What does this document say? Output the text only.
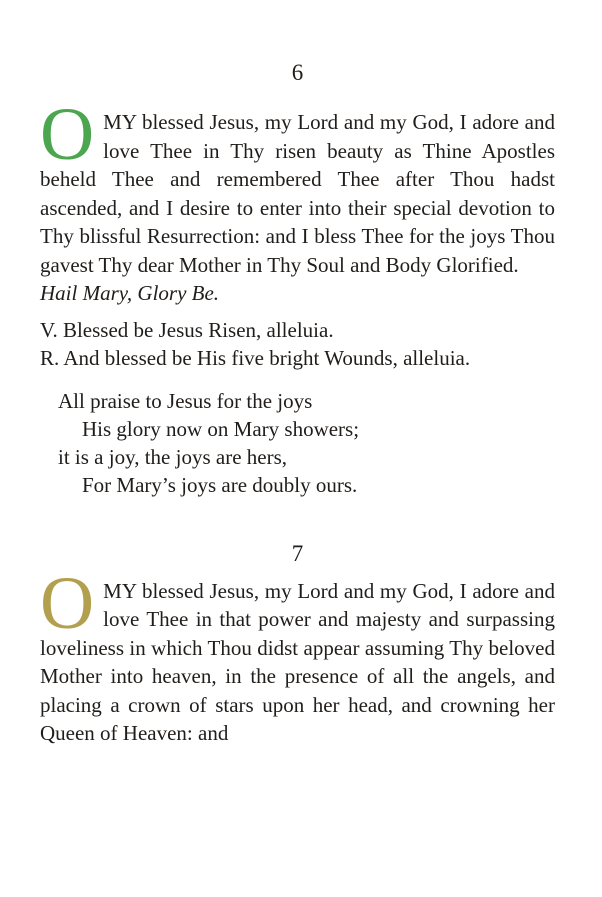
6

OMY blessed Jesus, my Lord and my God, I adore and love Thee in Thy risen beauty as Thine Apostles beheld Thee and remembered Thee after Thou hadst ascended, and I desire to enter into their special devotion to Thy blissful Resurrection: and I bless Thee for the joys Thou gavest Thy dear Mother in Thy Soul and Body Glorified.

Hail Mary, Glory Be.

V. Blessed be Jesus Risen, alleluia.
R. And blessed be His five bright Wounds, alleluia.
All praise to Jesus for the joys
His glory now on Mary showers;
it is a joy, the joys are hers,
For Mary’s joys are doubly ours.
7

OMY blessed Jesus, my Lord and my God, I adore and love Thee in that power and majesty and surpassing loveliness in which Thou didst appear assuming Thy beloved Mother into heaven, in the presence of all the angels, and placing a crown of stars upon her head, and crowning her Queen of Heaven: and
